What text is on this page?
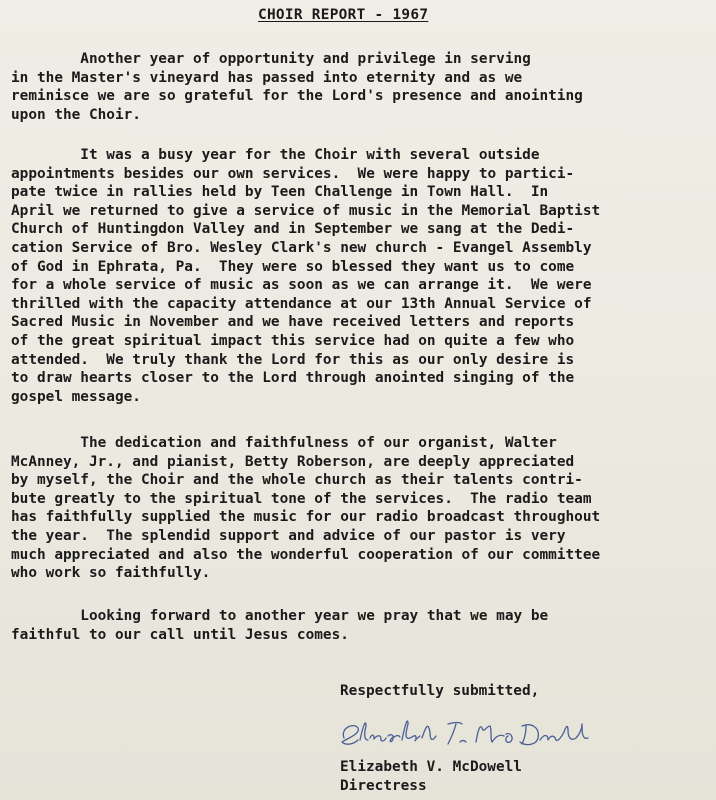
CHOIR REPORT - 1967
Another year of opportunity and privilege in serving
in the Master's vineyard has passed into eternity and as we
reminisce we are so grateful for the Lord's presence and anointing
upon the Choir.
It was a busy year for the Choir with several outside
appointments besides our own services.  We were happy to partici-
pate twice in rallies held by Teen Challenge in Town Hall.  In
April we returned to give a service of music in the Memorial Baptist
Church of Huntingdon Valley and in September we sang at the Dedi-
cation Service of Bro. Wesley Clark's new church - Evangel Assembly
of God in Ephrata, Pa.  They were so blessed they want us to come
for a whole service of music as soon as we can arrange it.  We were
thrilled with the capacity attendance at our 13th Annual Service of
Sacred Music in November and we have received letters and reports
of the great spiritual impact this service had on quite a few who
attended.  We truly thank the Lord for this as our only desire is
to draw hearts closer to the Lord through anointed singing of the
gospel message.
The dedication and faithfulness of our organist, Walter
McAnney, Jr., and pianist, Betty Roberson, are deeply appreciated
by myself, the Choir and the whole church as their talents contri-
bute greatly to the spiritual tone of the services.  The radio team
has faithfully supplied the music for our radio broadcast throughout
the year.  The splendid support and advice of our pastor is very
much appreciated and also the wonderful cooperation of our committee
who work so faithfully.
Looking forward to another year we pray that we may be
faithful to our call until Jesus comes.
Respectfully submitted,
Elizabeth V. McDowell
Directress
